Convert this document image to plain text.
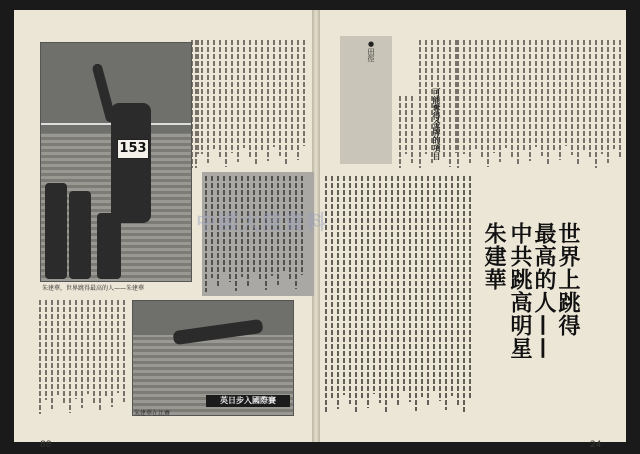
153
朱建華，世界跳得最高的人——朱建華
朱建華在比賽
英日步入國際賽
世界上跳得
最高的人——
中共跳高明星
朱建華
●田徑
可能奪得金牌的項目
中國大陸資料
88	24
